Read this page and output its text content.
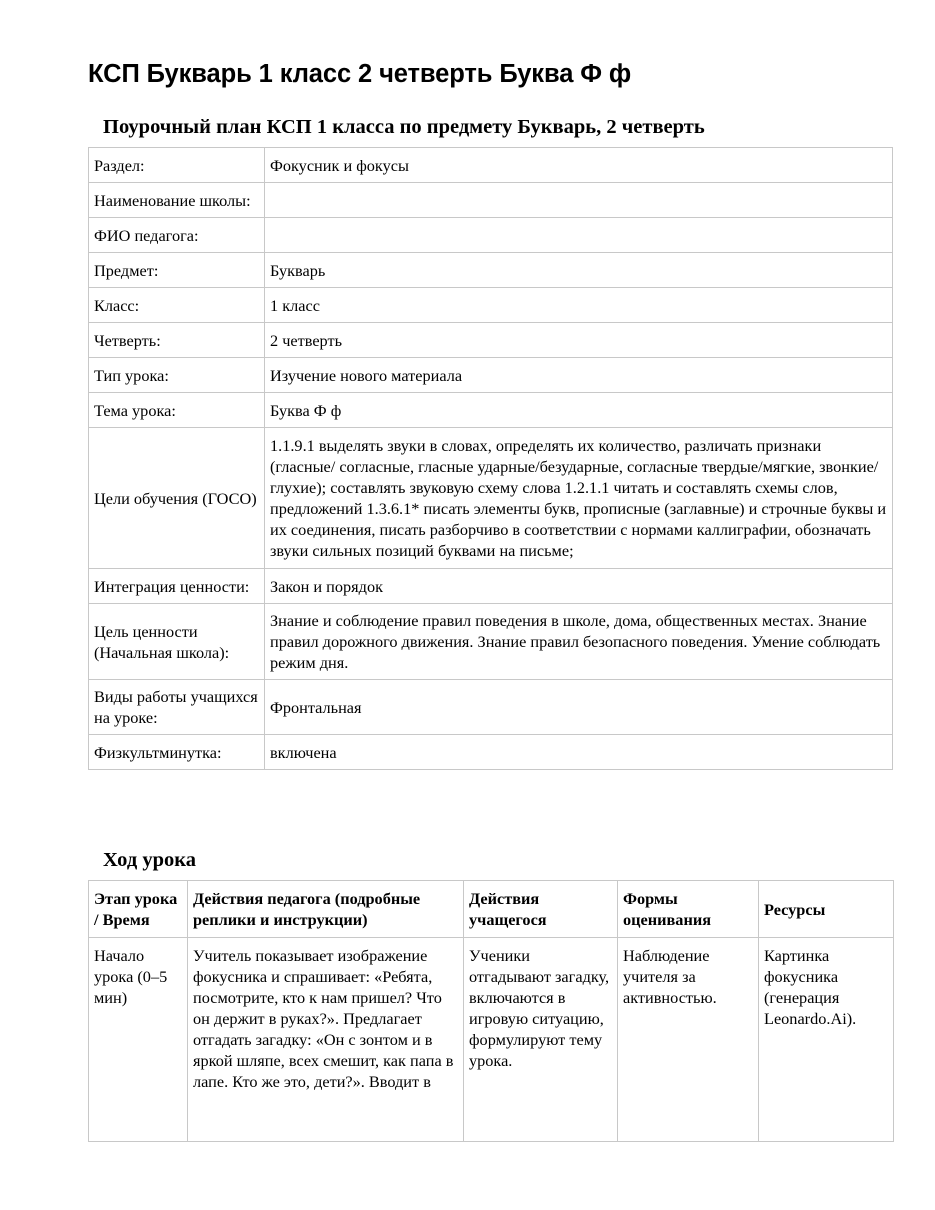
КСП Букварь 1 класс 2 четверть Буква Ф ф
Поурочный план КСП 1 класса по предмету Букварь, 2 четверть
Раздел:	Фокусник и фокусы
Наименование школы:	
ФИО педагога:	
Предмет:	Букварь
Класс:	1 класс
Четверть:	2 четверть
Тип урока:	Изучение нового материала
Тема урока:	Буква Ф ф
Цели обучения (ГОСО)	1.1.9.1 выделять звуки в словах, определять их количество, различать признаки (гласные/ согласные, гласные ударные/безударные, согласные твердые/мягкие, звонкие/глухие); составлять звуковую схему слова 1.2.1.1 читать и составлять схемы слов, предложений 1.3.6.1* писать элементы букв, прописные (заглавные) и строчные буквы и их соединения, писать разборчиво в соответствии с нормами каллиграфии, обозначать звуки сильных позиций буквами на письме;
Интеграция ценности:	Закон и порядок
Цель ценности (Начальная школа):	Знание и соблюдение правил поведения в школе, дома, общественных местах. Знание правил дорожного движения. Знание правил безопасного поведения. Умение соблюдать режим дня.
Виды работы учащихся на уроке:	Фронтальная
Физкультминутка:	включена
Ход урока
Этап урока / Время	Действия педагога (подробные реплики и инструкции)	Действия учащегося	Формы оценивания	Ресурсы

Начало урока (0–5 мин)	Учитель показывает изображение фокусника и спрашивает: «Ребята, посмотрите, кто к нам пришел? Что он держит в руках?». Предлагает отгадать загадку: «Он с зонтом и в яркой шляпе, всех смешит, как папа в лапе. Кто же это, дети?». Вводит в	Ученики отгадывают загадку, включаются в игровую ситуацию, формулируют тему урока.	Наблюдение учителя за активностью.	Картинка фокусника (генерация Leonardo.Ai).
